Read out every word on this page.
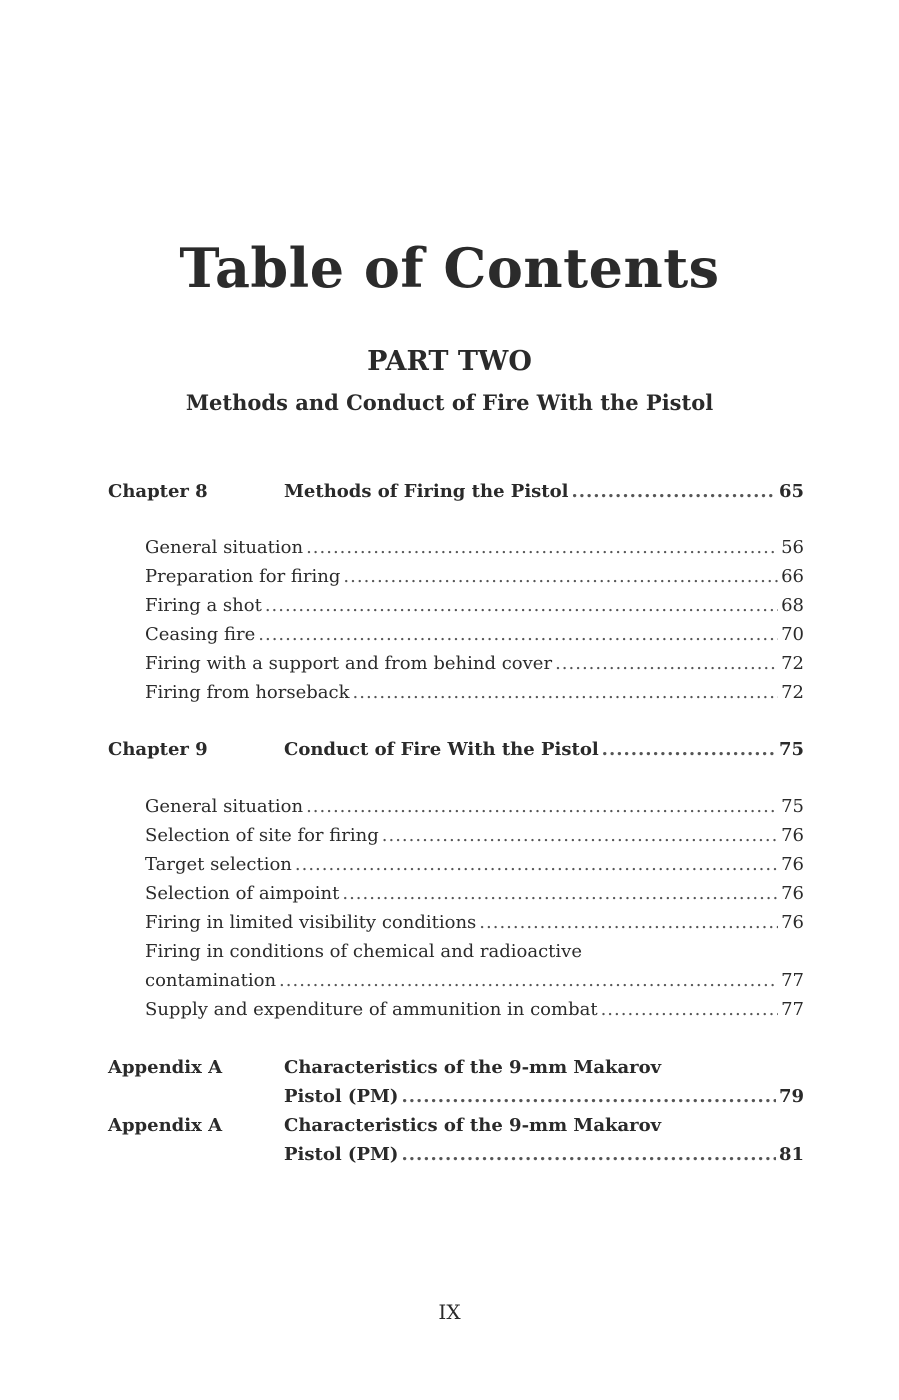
Table of Contents
PART TWO
Methods and Conduct of Fire With the Pistol
Chapter 8	Methods of Firing the Pistol .....	65
General situation .....	56
Preparation for firing .....	66
Firing a shot .....	68
Ceasing fire .....	70
Firing with a support and from behind cover .....	72
Firing from horseback .....	72
Chapter 9	Conduct of Fire With the Pistol .....	75
General situation .....	75
Selection of site for firing .....	76
Target selection .....	76
Selection of aimpoint .....	76
Firing in limited visibility conditions .....	76
Firing in conditions of chemical and radioactive
contamination .....	77
Supply and expenditure of ammunition in combat .....	77
Appendix A	Characteristics of the 9-mm Makarov
Pistol (PM) .....	79
Appendix A	Characteristics of the 9-mm Makarov
Pistol (PM) .....	81
IX
